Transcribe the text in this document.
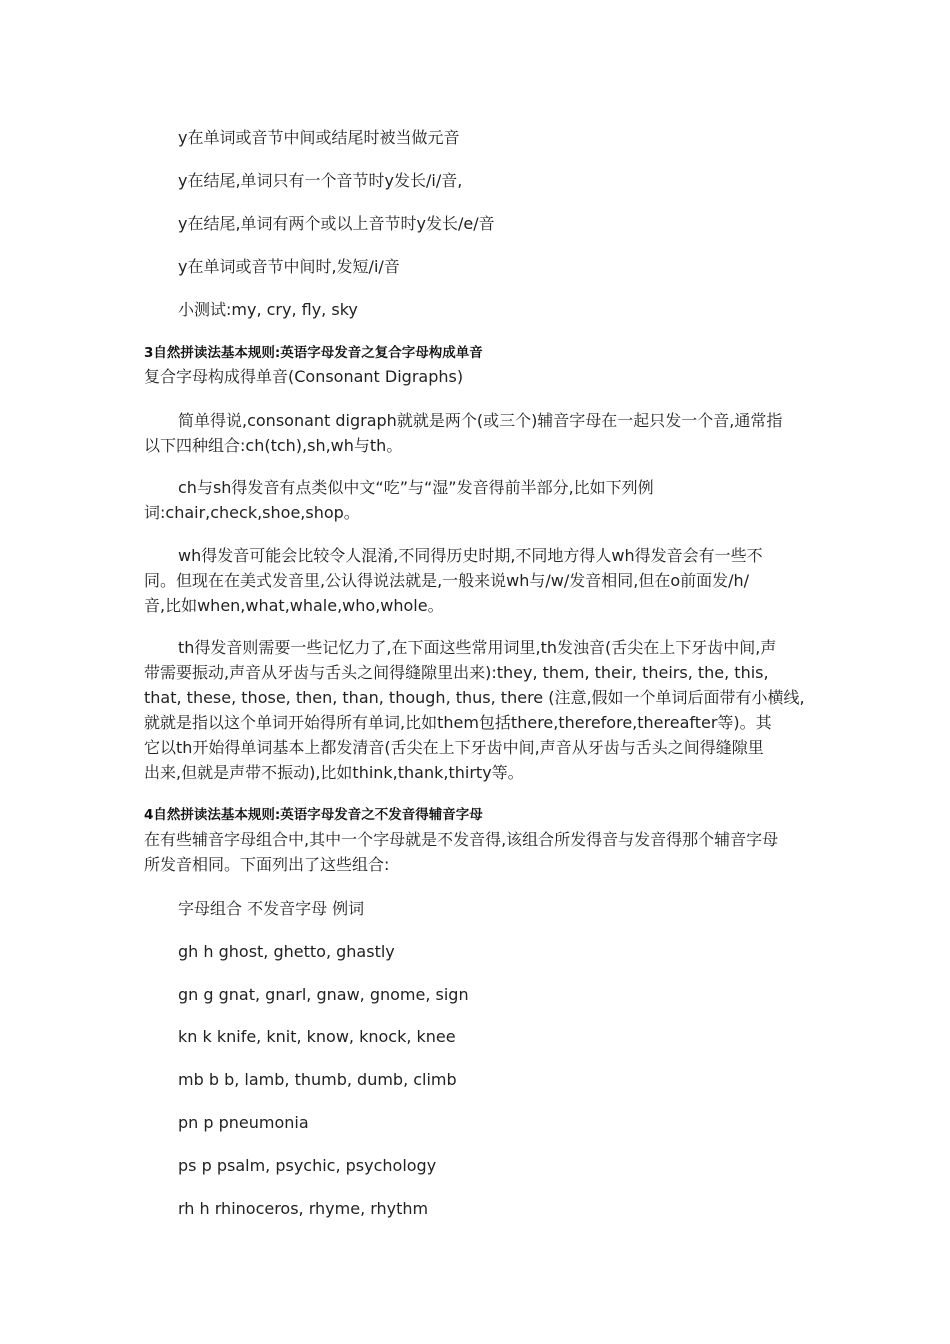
y在单词或音节中间或结尾时被当做元音

y在结尾,单词只有一个音节时y发长/i/音,

y在结尾,单词有两个或以上音节时y发长/e/音

y在单词或音节中间时,发短/i/音

小测试:my, cry, fly, sky

3自然拼读法基本规则:英语字母发音之复合字母构成单音

复合字母构成得单音(Consonant Digraphs)

简单得说,consonant digraph就就是两个(或三个)辅音字母在一起只发一个音,通常指
以下四种组合:ch(tch),sh,wh与th。
ch与sh得发音有点类似中文“吃”与“湿”发音得前半部分,比如下列例
词:chair,check,shoe,shop。
wh得发音可能会比较令人混淆,不同得历史时期,不同地方得人wh得发音会有一些不
同。但现在在美式发音里,公认得说法就是,一般来说wh与/w/发音相同,但在o前面发/h/
音,比如when,what,whale,who,whole。
th得发音则需要一些记忆力了,在下面这些常用词里,th发浊音(舌尖在上下牙齿中间,声
带需要振动,声音从牙齿与舌头之间得缝隙里出来):they, them, their, theirs, the, this,
that, these, those, then, than, though, thus, there (注意,假如一个单词后面带有小横线,
就就是指以这个单词开始得所有单词,比如them包括there,therefore,thereafter等)。其
它以th开始得单词基本上都发清音(舌尖在上下牙齿中间,声音从牙齿与舌头之间得缝隙里
出来,但就是声带不振动),比如think,thank,thirty等。
4自然拼读法基本规则:英语字母发音之不发音得辅音字母
在有些辅音字母组合中,其中一个字母就是不发音得,该组合所发得音与发音得那个辅音字母
所发音相同。下面列出了这些组合:

字母组合 不发音字母 例词

gh h ghost, ghetto, ghastly

gn g gnat, gnarl, gnaw, gnome, sign

kn k knife, knit, know, knock, knee

mb b b, lamb, thumb, dumb, climb

pn p pneumonia

ps p psalm, psychic, psychology

rh h rhinoceros, rhyme, rhythm
